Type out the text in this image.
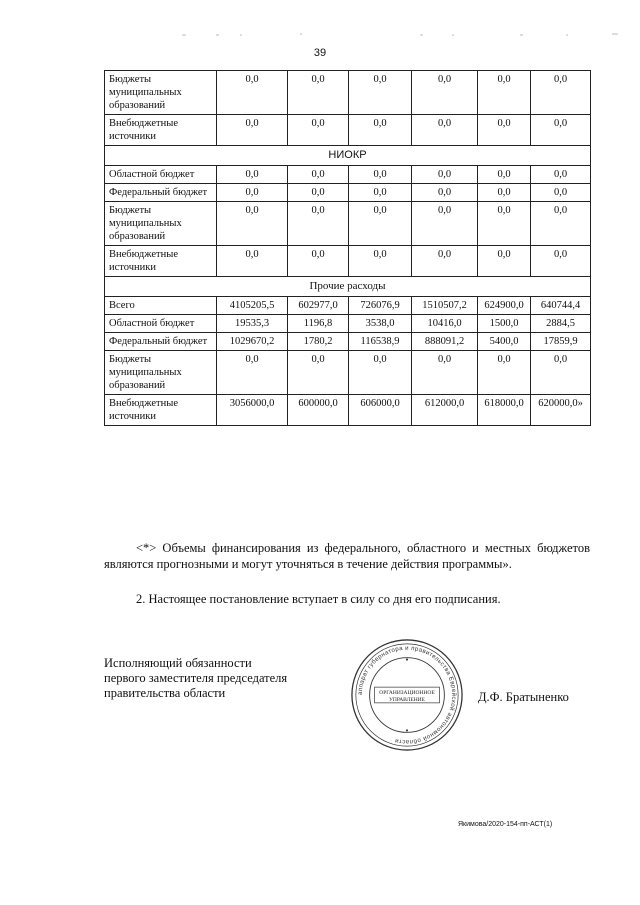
39
Бюджеты муниципальных образований	0,0	0,0	0,0	0,0	0,0	0,0
Внебюджетные источники	0,0	0,0	0,0	0,0	0,0	0,0
НИОКР						
Областной бюджет	0,0	0,0	0,0	0,0	0,0	0,0
Федеральный бюджет	0,0	0,0	0,0	0,0	0,0	0,0
Бюджеты муниципальных образований	0,0	0,0	0,0	0,0	0,0	0,0
Внебюджетные источники	0,0	0,0	0,0	0,0	0,0	0,0
Прочие расходы						
Всего	4105205,5	602977,0	726076,9	1510507,2	624900,0	640744,4
Областной бюджет	19535,3	1196,8	3538,0	10416,0	1500,0	2884,5
Федеральный бюджет	1029670,2	1780,2	116538,9	888091,2	5400,0	17859,9
Бюджеты муниципальных образований	0,0	0,0	0,0	0,0	0,0	0,0
Внебюджетные источники	3056000,0	600000,0	606000,0	612000,0	618000,0	620000,0»
<*> Объемы финансирования из федерального, областного и местных бюджетов являются прогнозными и могут уточняться в течение действия программы».
2. Настоящее постановление вступает в силу со дня его подписания.
Исполняющий обязанности
первого заместителя председателя
правительства области	аппарат губернатора и правительства Еврейской автономной области
ОРГАНИЗАЦИОННОЕ
УПРАВЛЕНИЕ	Д.Ф. Братыненко
Якимова/2020-154-пп-АСТ(1)
